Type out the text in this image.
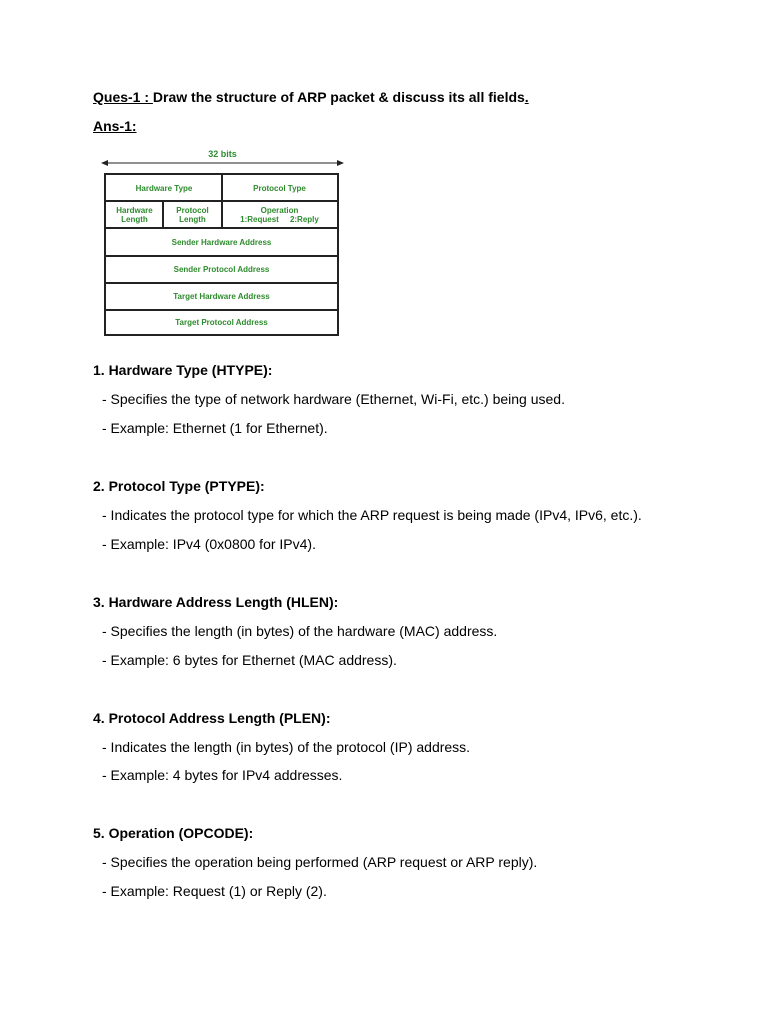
Ques-1 : Draw the structure of ARP packet & discuss its all fields.
Ans-1:
32 bits
Hardware Type	Protocol Type
Hardware
Length
Protocol
Length
Operation
1:Request     2:Reply
Sender Hardware Address
Sender Protocol Address
Target Hardware Address
Target Protocol Address
1. Hardware Type (HTYPE):
- Specifies the type of network hardware (Ethernet, Wi-Fi, etc.) being used.
- Example: Ethernet (1 for Ethernet).
2. Protocol Type (PTYPE):
- Indicates the protocol type for which the ARP request is being made (IPv4, IPv6, etc.).
- Example: IPv4 (0x0800 for IPv4).
3. Hardware Address Length (HLEN):
- Specifies the length (in bytes) of the hardware (MAC) address.
- Example: 6 bytes for Ethernet (MAC address).
4. Protocol Address Length (PLEN):
- Indicates the length (in bytes) of the protocol (IP) address.
- Example: 4 bytes for IPv4 addresses.
5. Operation (OPCODE):
- Specifies the operation being performed (ARP request or ARP reply).
- Example: Request (1) or Reply (2).
